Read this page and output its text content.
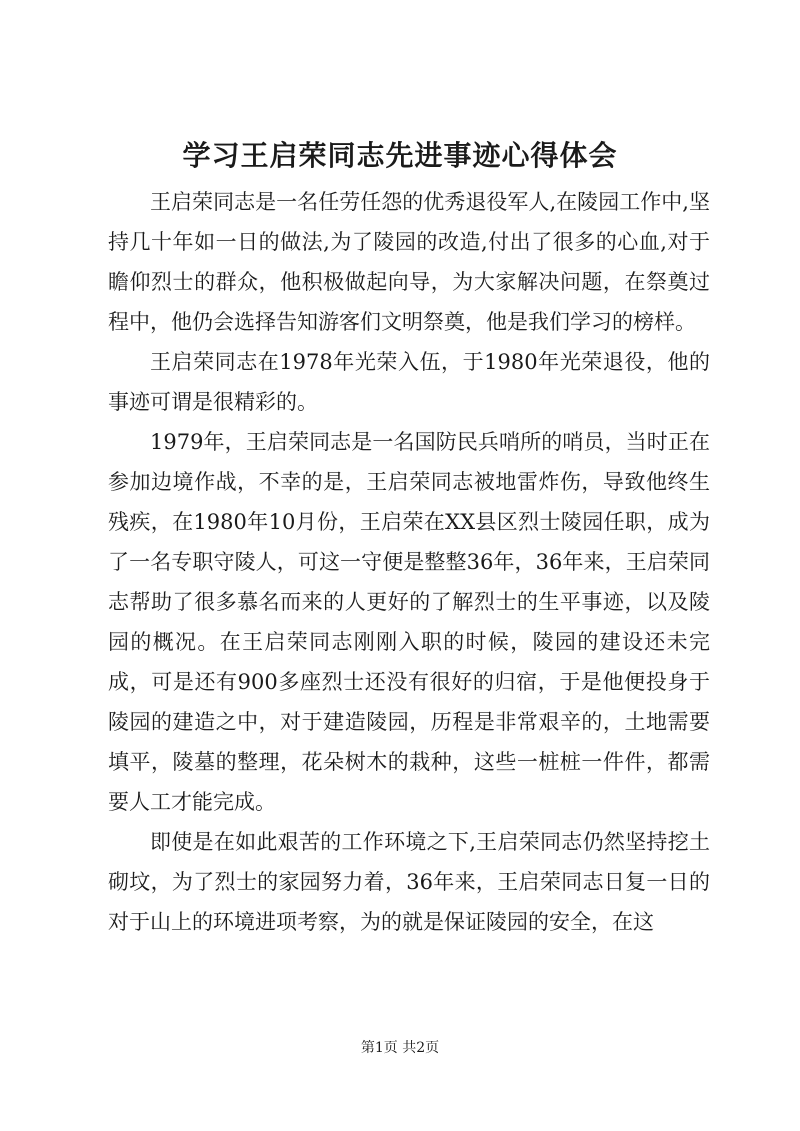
学习王启荣同志先进事迹心得体会

王启荣同志是一名任劳任怨的优秀退役军人,在陵园工作中,坚持几十年如一日的做法,为了陵园的改造,付出了很多的心血,对于瞻仰烈士的群众，他积极做起向导，为大家解决问题，在祭奠过程中，他仍会选择告知游客们文明祭奠，他是我们学习的榜样。

王启荣同志在1978年光荣入伍，于1980年光荣退役，他的事迹可谓是很精彩的。

1979年，王启荣同志是一名国防民兵哨所的哨员，当时正在参加边境作战，不幸的是，王启荣同志被地雷炸伤，导致他终生残疾，在1980年10月份，王启荣在XX县区烈士陵园任职，成为了一名专职守陵人，可这一守便是整整36年，36年来，王启荣同志帮助了很多慕名而来的人更好的了解烈士的生平事迹，以及陵园的概况。在王启荣同志刚刚入职的时候，陵园的建设还未完成，可是还有900多座烈士还没有很好的归宿，于是他便投身于陵园的建造之中，对于建造陵园，历程是非常艰辛的，土地需要填平，陵墓的整理，花朵树木的栽种，这些一桩桩一件件，都需要人工才能完成。

即使是在如此艰苦的工作环境之下,王启荣同志仍然坚持挖土砌坟，为了烈士的家园努力着，36年来，王启荣同志日复一日的对于山上的环境进项考察，为的就是保证陵园的安全，在这

第1页 共2页
